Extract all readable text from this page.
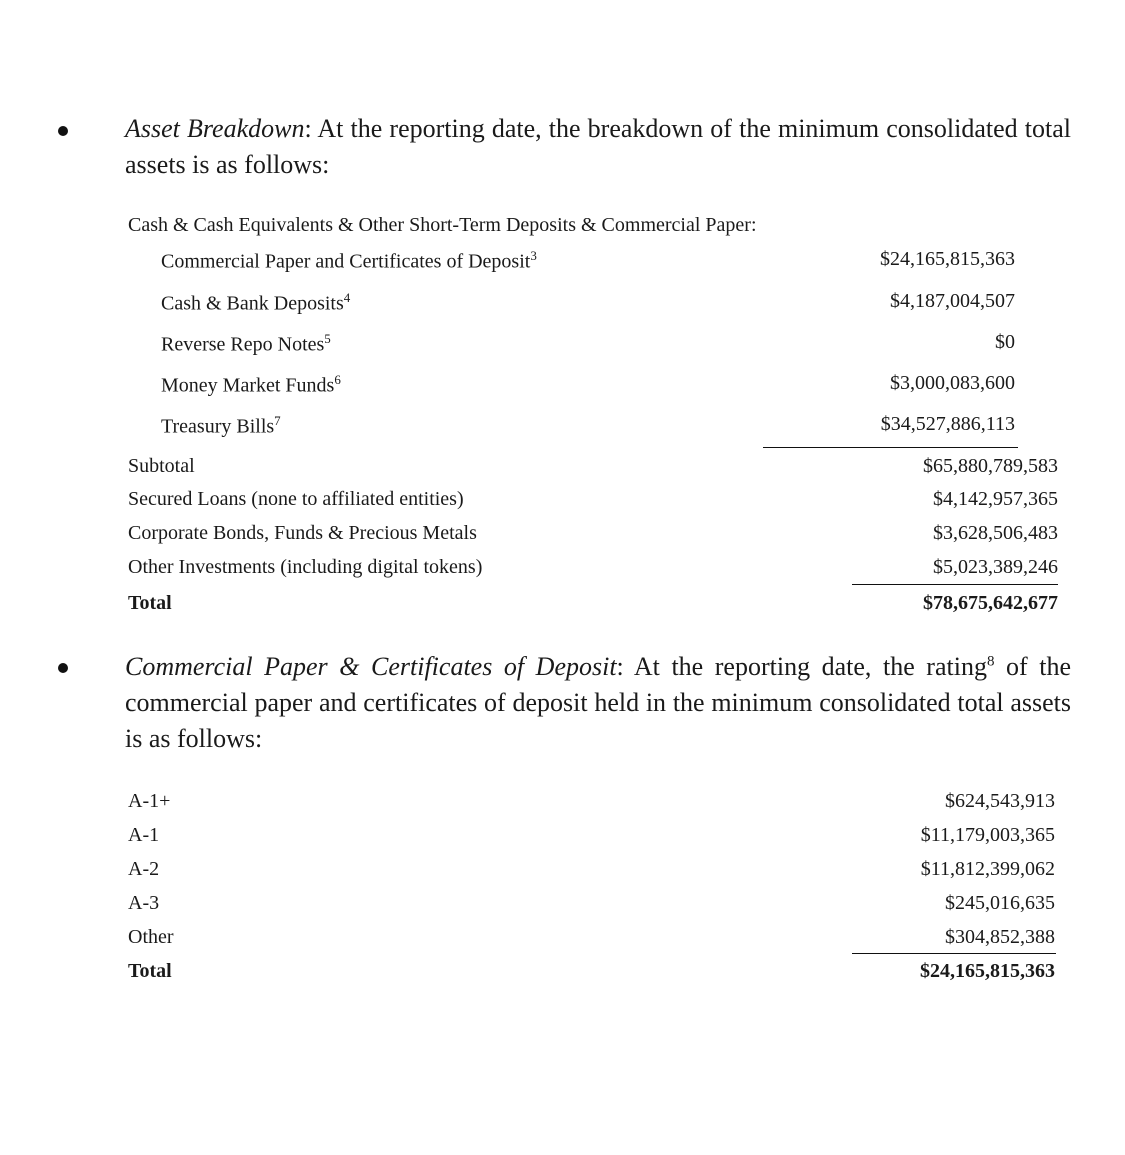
Asset Breakdown: At the reporting date, the breakdown of the minimum consolidated total assets is as follows:

Cash & Cash Equivalents & Other Short-Term Deposits & Commercial Paper:
Commercial Paper and Certificates of Deposit$^3$	$24,165,815,363
Cash & Bank Deposits$^4$	$4,187,004,507
Reverse Repo Notes$^5$	$0
Money Market Funds$^6$	$3,000,083,600
Treasury Bills$^7$	$34,527,886,113
Subtotal	$65,880,789,583
Secured Loans (none to affiliated entities)	$4,142,957,365
Corporate Bonds, Funds & Precious Metals	$3,628,506,483
Other Investments (including digital tokens)	$5,023,389,246
Total	$78,675,642,677

Commercial Paper & Certificates of Deposit: At the reporting date, the rating$^8$ of the commercial paper and certificates of deposit held in the minimum consolidated total assets is as follows:

A-1+	$624,543,913
A-1	$11,179,003,365
A-2	$11,812,399,062
A-3	$245,016,635
Other	$304,852,388
Total	$24,165,815,363
